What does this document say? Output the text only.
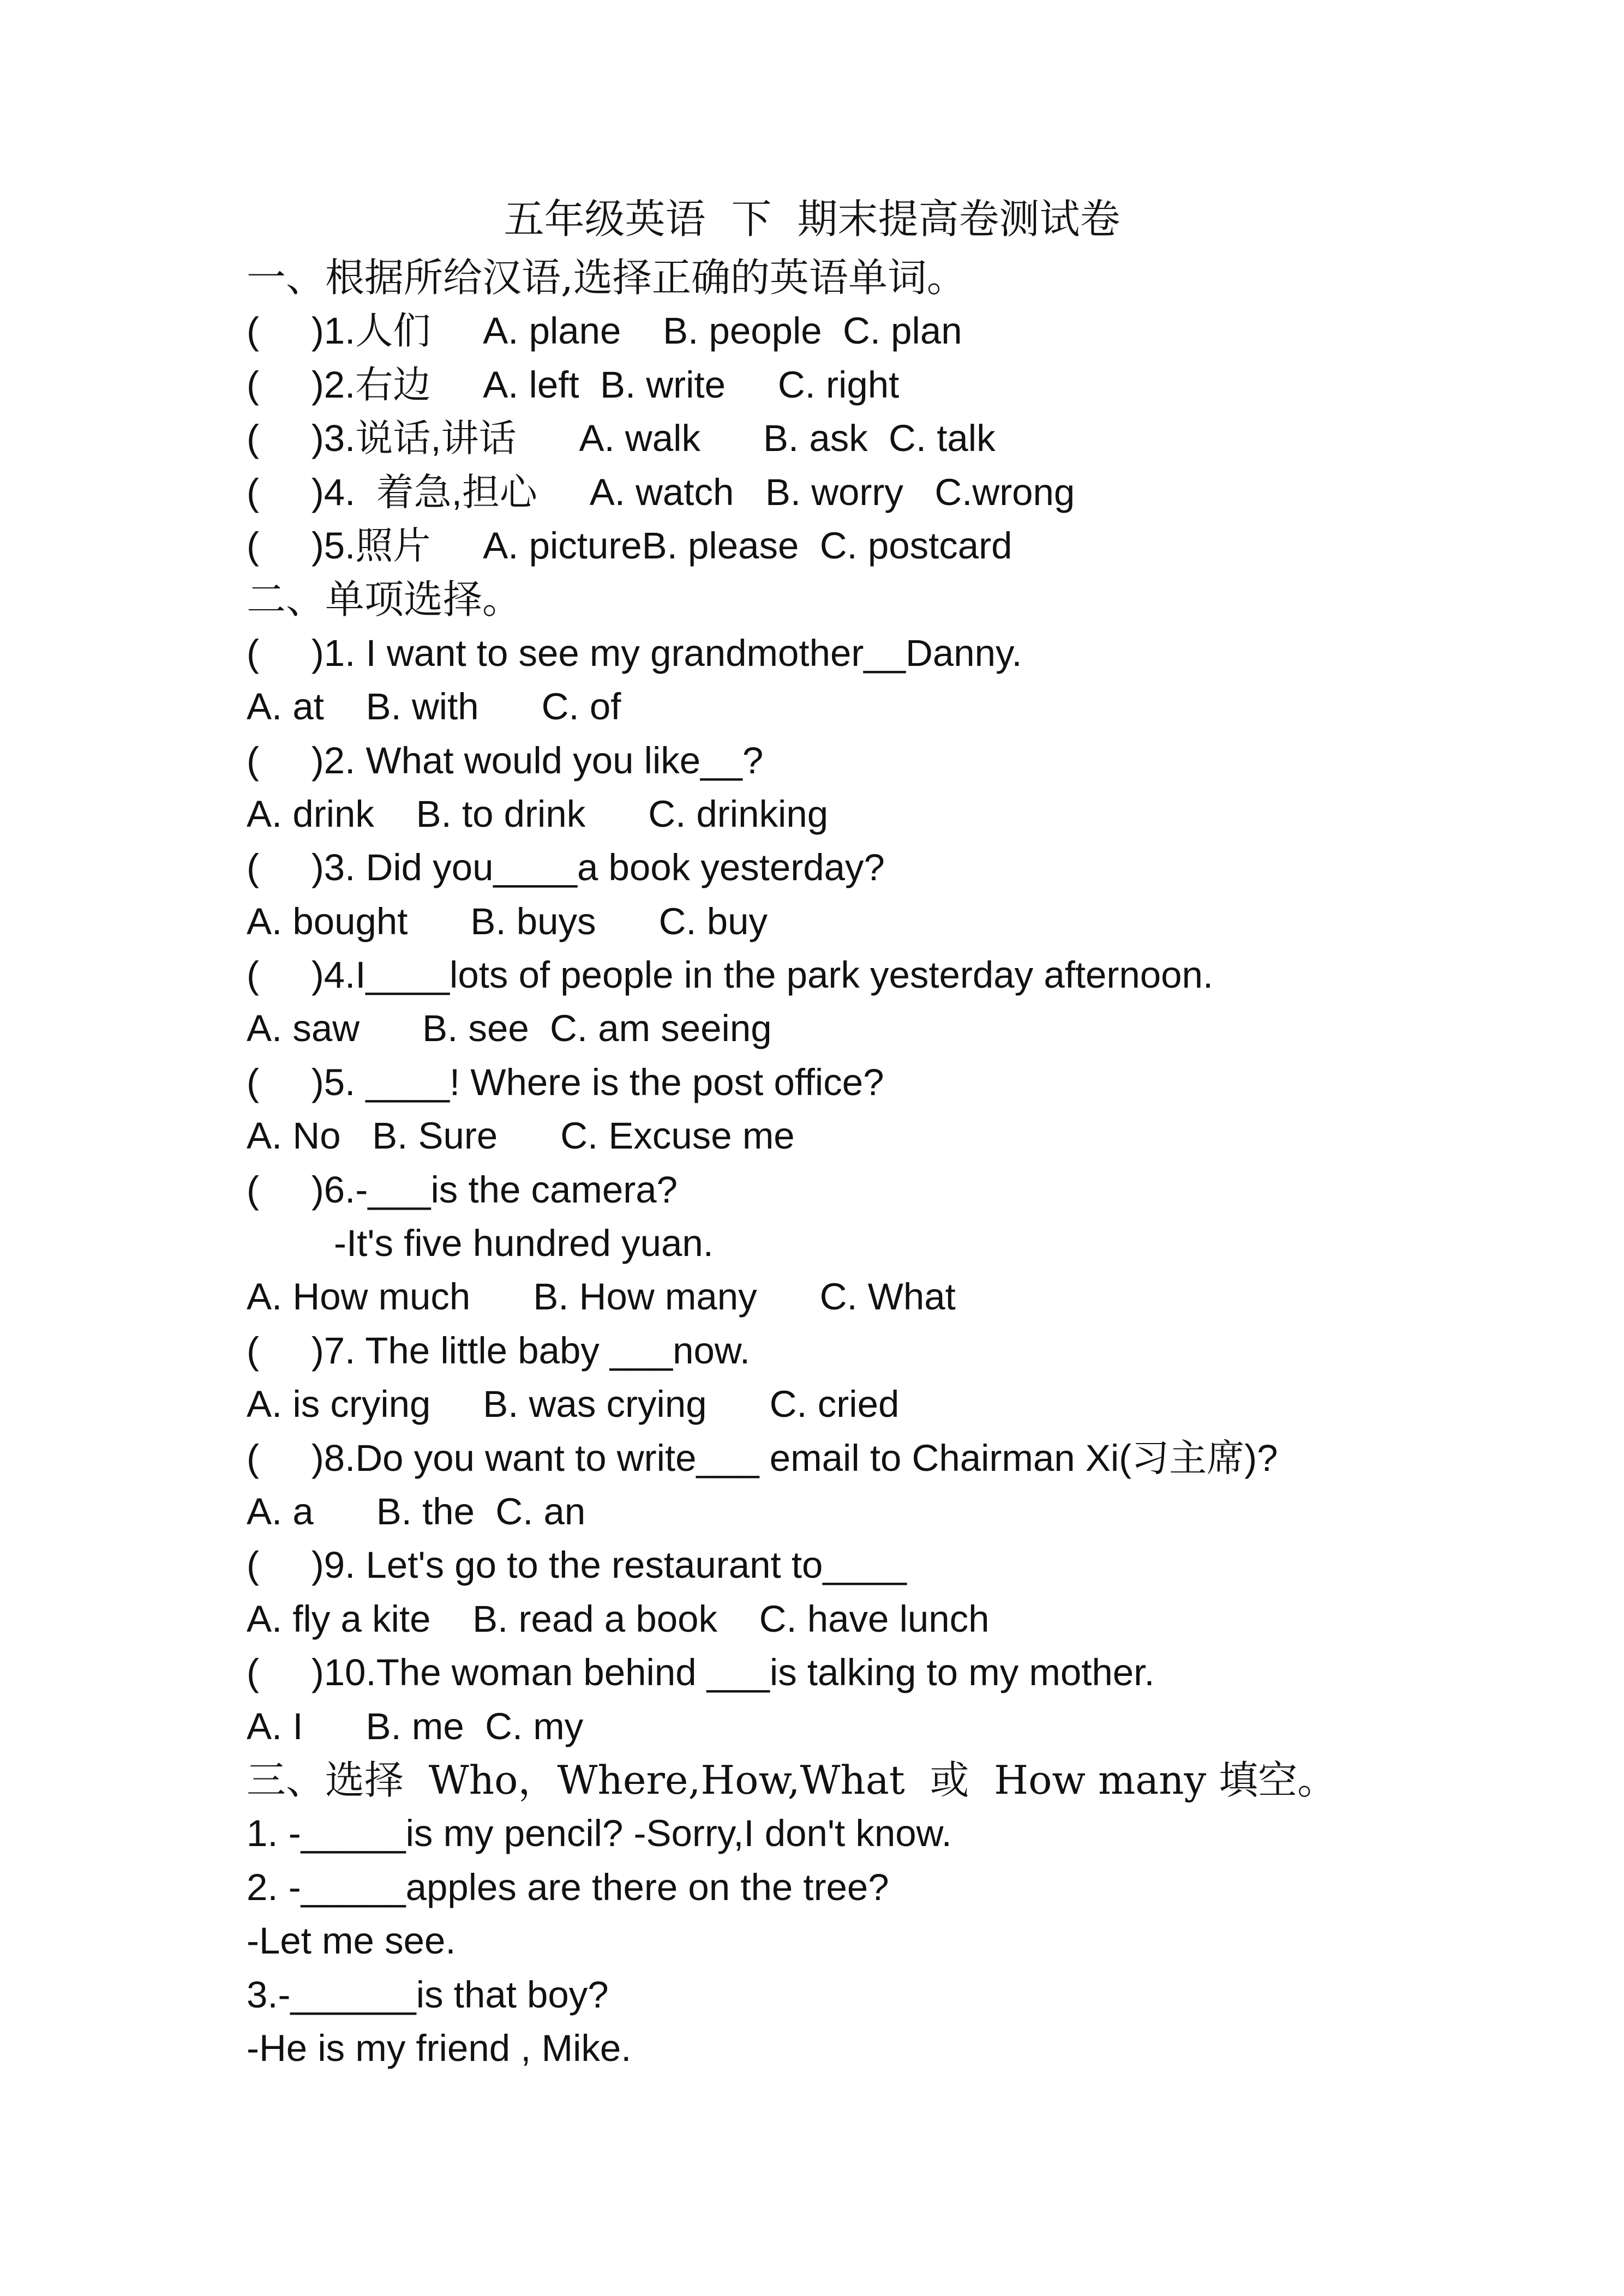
五年级英语  下  期末提高卷测试卷
一、根据所给汉语,选择正确的英语单词。
(     )1.人们     A. plane    B. people  C. plan
(     )2.右边     A. left  B. write     C. right
(     )3.说话,讲话      A. walk      B. ask  C. talk
(     )4.  着急,担心     A. watch   B. worry   C.wrong
(     )5.照片     A. pictureB. please  C. postcard
二、单项选择。
(     )1. I want to see my grandmother__Danny.
A. at    B. with      C. of
(     )2. What would you like__?
A. drink    B. to drink      C. drinking
(     )3. Did you____a book yesterday?
A. bought      B. buys      C. buy
(     )4.I____lots of people in the park yesterday afternoon.
A. saw      B. see  C. am seeing
(     )5. ____! Where is the post office?
A. No   B. Sure      C. Excuse me
(     )6.-___is the camera?
-It's five hundred yuan.
A. How much      B. How many      C. What
(     )7. The little baby ___now.
A. is crying     B. was crying      C. cried
(     )8.Do you want to write___ email to Chairman Xi(习主席)?
A. a      B. the  C. an
(     )9. Let's go to the restaurant to____
A. fly a kite    B. read a book    C. have lunch
(     )10.The woman behind ___is talking to my mother.
A. I      B. me  C. my
三、选择  Who，Where,How,What  或  How many 填空。
1. -_____is my pencil? -Sorry,I don't know.
2. -_____apples are there on the tree?
-Let me see.
3.-______is that boy?
-He is my friend , Mike.
